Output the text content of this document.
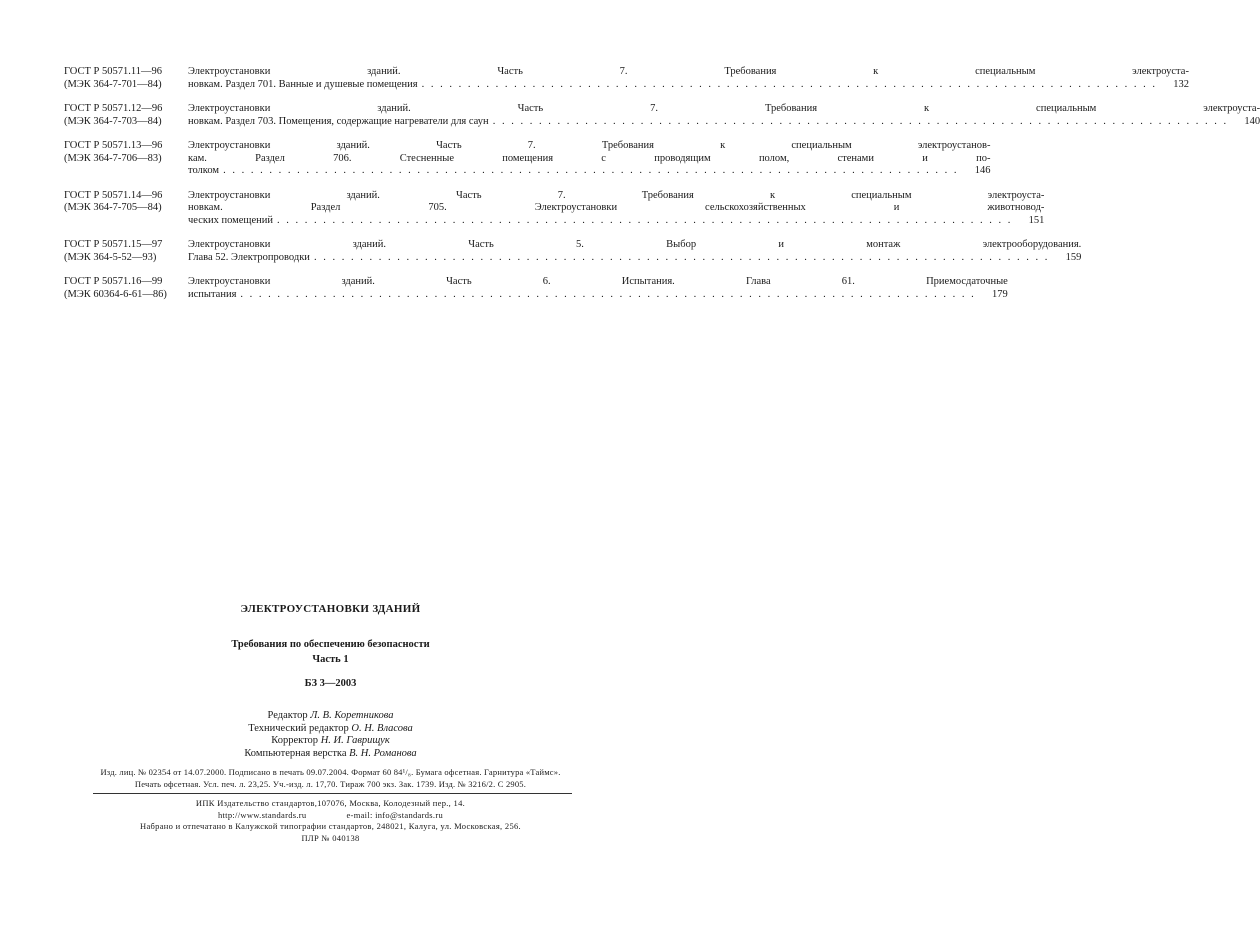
ГОСТ Р 50571.11—96
(МЭК 364-7-701—84)
Электроустановки зданий. Часть 7. Требования к специальным электроуста-
новкам. Раздел 701. Ванные и душевые помещения . . . . . . . . . . . . . . . . . . . . . . . . . . . . . . . . . . . . . . . . . . . . . . . . . . . . . . . . . . . . . . . . . . . . . . . . . . . . . . . .	132
ГОСТ Р 50571.12—96
(МЭК 364-7-703—84)
Электроустановки зданий. Часть 7. Требования к специальным электроуста-
новкам. Раздел 703. Помещения, содержащие нагреватели для саун . . . . . . . . . . . . . . . . . . . . . . . . . . . . . . . . . . . . . . . . . . . . . . . . . . . . . . . . . . . . . . . . . . . . . . . . . . . . . . . .	140
ГОСТ Р 50571.13—96
(МЭК 364-7-706—83)
Электроустановки зданий. Часть 7. Требования к специальным электроустанов-
кам. Раздел 706. Стесненные помещения с проводящим полом, стенами и по-
толком . . . . . . . . . . . . . . . . . . . . . . . . . . . . . . . . . . . . . . . . . . . . . . . . . . . . . . . . . . . . . . . . . . . . . . . . . . . . . . . .	146
ГОСТ Р 50571.14—96
(МЭК 364-7-705—84)
Электроустановки зданий. Часть 7. Требования к специальным электроуста-
новкам. Раздел 705. Электроустановки сельскохозяйственных и животновод-
ческих помещений . . . . . . . . . . . . . . . . . . . . . . . . . . . . . . . . . . . . . . . . . . . . . . . . . . . . . . . . . . . . . . . . . . . . . . . . . . . . . . . .	151
ГОСТ Р 50571.15—97
(МЭК 364-5-52—93)
Электроустановки зданий. Часть 5. Выбор и монтаж электрооборудования.
Глава 52. Электропроводки . . . . . . . . . . . . . . . . . . . . . . . . . . . . . . . . . . . . . . . . . . . . . . . . . . . . . . . . . . . . . . . . . . . . . . . . . . . . . . . .	159
ГОСТ Р 50571.16—99
(МЭК 60364-6-61—86)
Электроустановки зданий. Часть 6. Испытания. Глава 61. Приемосдаточные
испытания . . . . . . . . . . . . . . . . . . . . . . . . . . . . . . . . . . . . . . . . . . . . . . . . . . . . . . . . . . . . . . . . . . . . . . . . . . . . . . . .	179
ЭЛЕКТРОУСТАНОВКИ ЗДАНИЙ
Требования по обеспечению безопасности
Часть 1
БЗ 3—2003
Редактор Л. В. Коретникова
Технический редактор О. Н. Власова
Корректор Н. И. Гаврищук
Компьютерная верстка В. Н. Романова
Изд. лиц. № 02354 от 14.07.2000. Подписано в печать 09.07.2004. Формат 60 84¹/₈. Бумага офсетная. Гарнитура «Таймс».
Печать офсетная. Усл. печ. л. 23,25. Уч.-изд. л. 17,70. Тираж 700 экз. Зак. 1739. Изд. № 3216/2. С 2905.
ИПК Издательство стандартов,107076, Москва, Колодезный пер., 14.
http://www.standards.ru	e-mail: info@standards.ru
Набрано и отпечатано в Калужской типографии стандартов, 248021, Калуга, ул. Московская, 256.
ПЛР № 040138
